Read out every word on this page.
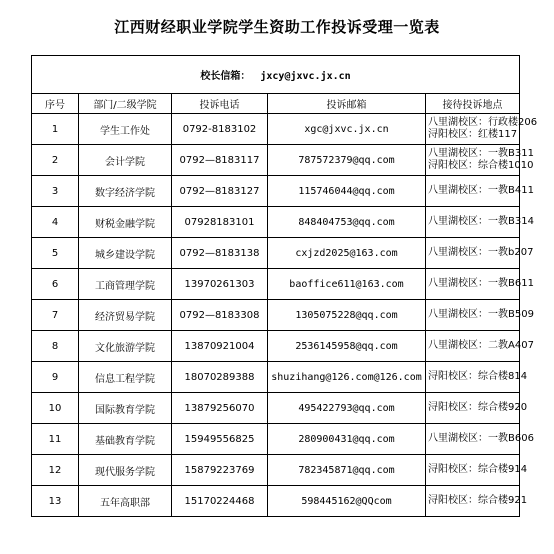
江西财经职业学院学生资助工作投诉受理一览表
校长信箱： jxcy@jxvc.jx.cn				
序号	部门/二级学院	投诉电话	投诉邮箱	接待投诉地点
1	学生工作处	0792-8183102	xgc@jxvc.jx.cn	八里湖校区：行政楼206
浔阳校区：红楼117

2	会计学院	0792—8183117	787572379@qq.com	八里湖校区：一教B311
浔阳校区：综合楼1010

3	数字经济学院	0792—8183127	115746044@qq.com	八里湖校区：一教B411

4	财税金融学院	07928183101	848404753@qq.com	八里湖校区：一教B314

5	城乡建设学院	0792—8183138	cxjzd2025@163.com	八里湖校区：一教b207

6	工商管理学院	13970261303	baoffice611@163.com	八里湖校区：一教B611

7	经济贸易学院	0792—8183308	1305075228@qq.com	八里湖校区：一教B509

8	文化旅游学院	13870921004	2536145958@qq.com	八里湖校区：二教A407

9	信息工程学院	18070289388	shuzihang@126.com@126.com	浔阳校区：综合楼814

10	国际教育学院	13879256070	495422793@qq.com	浔阳校区：综合楼920

11	基础教育学院	15949556825	280900431@qq.com	八里湖校区：一教B606

12	现代服务学院	15879223769	782345871@qq.com	浔阳校区：综合楼914

13	五年高职部	15170224468	598445162@QQcom	浔阳校区：综合楼921
